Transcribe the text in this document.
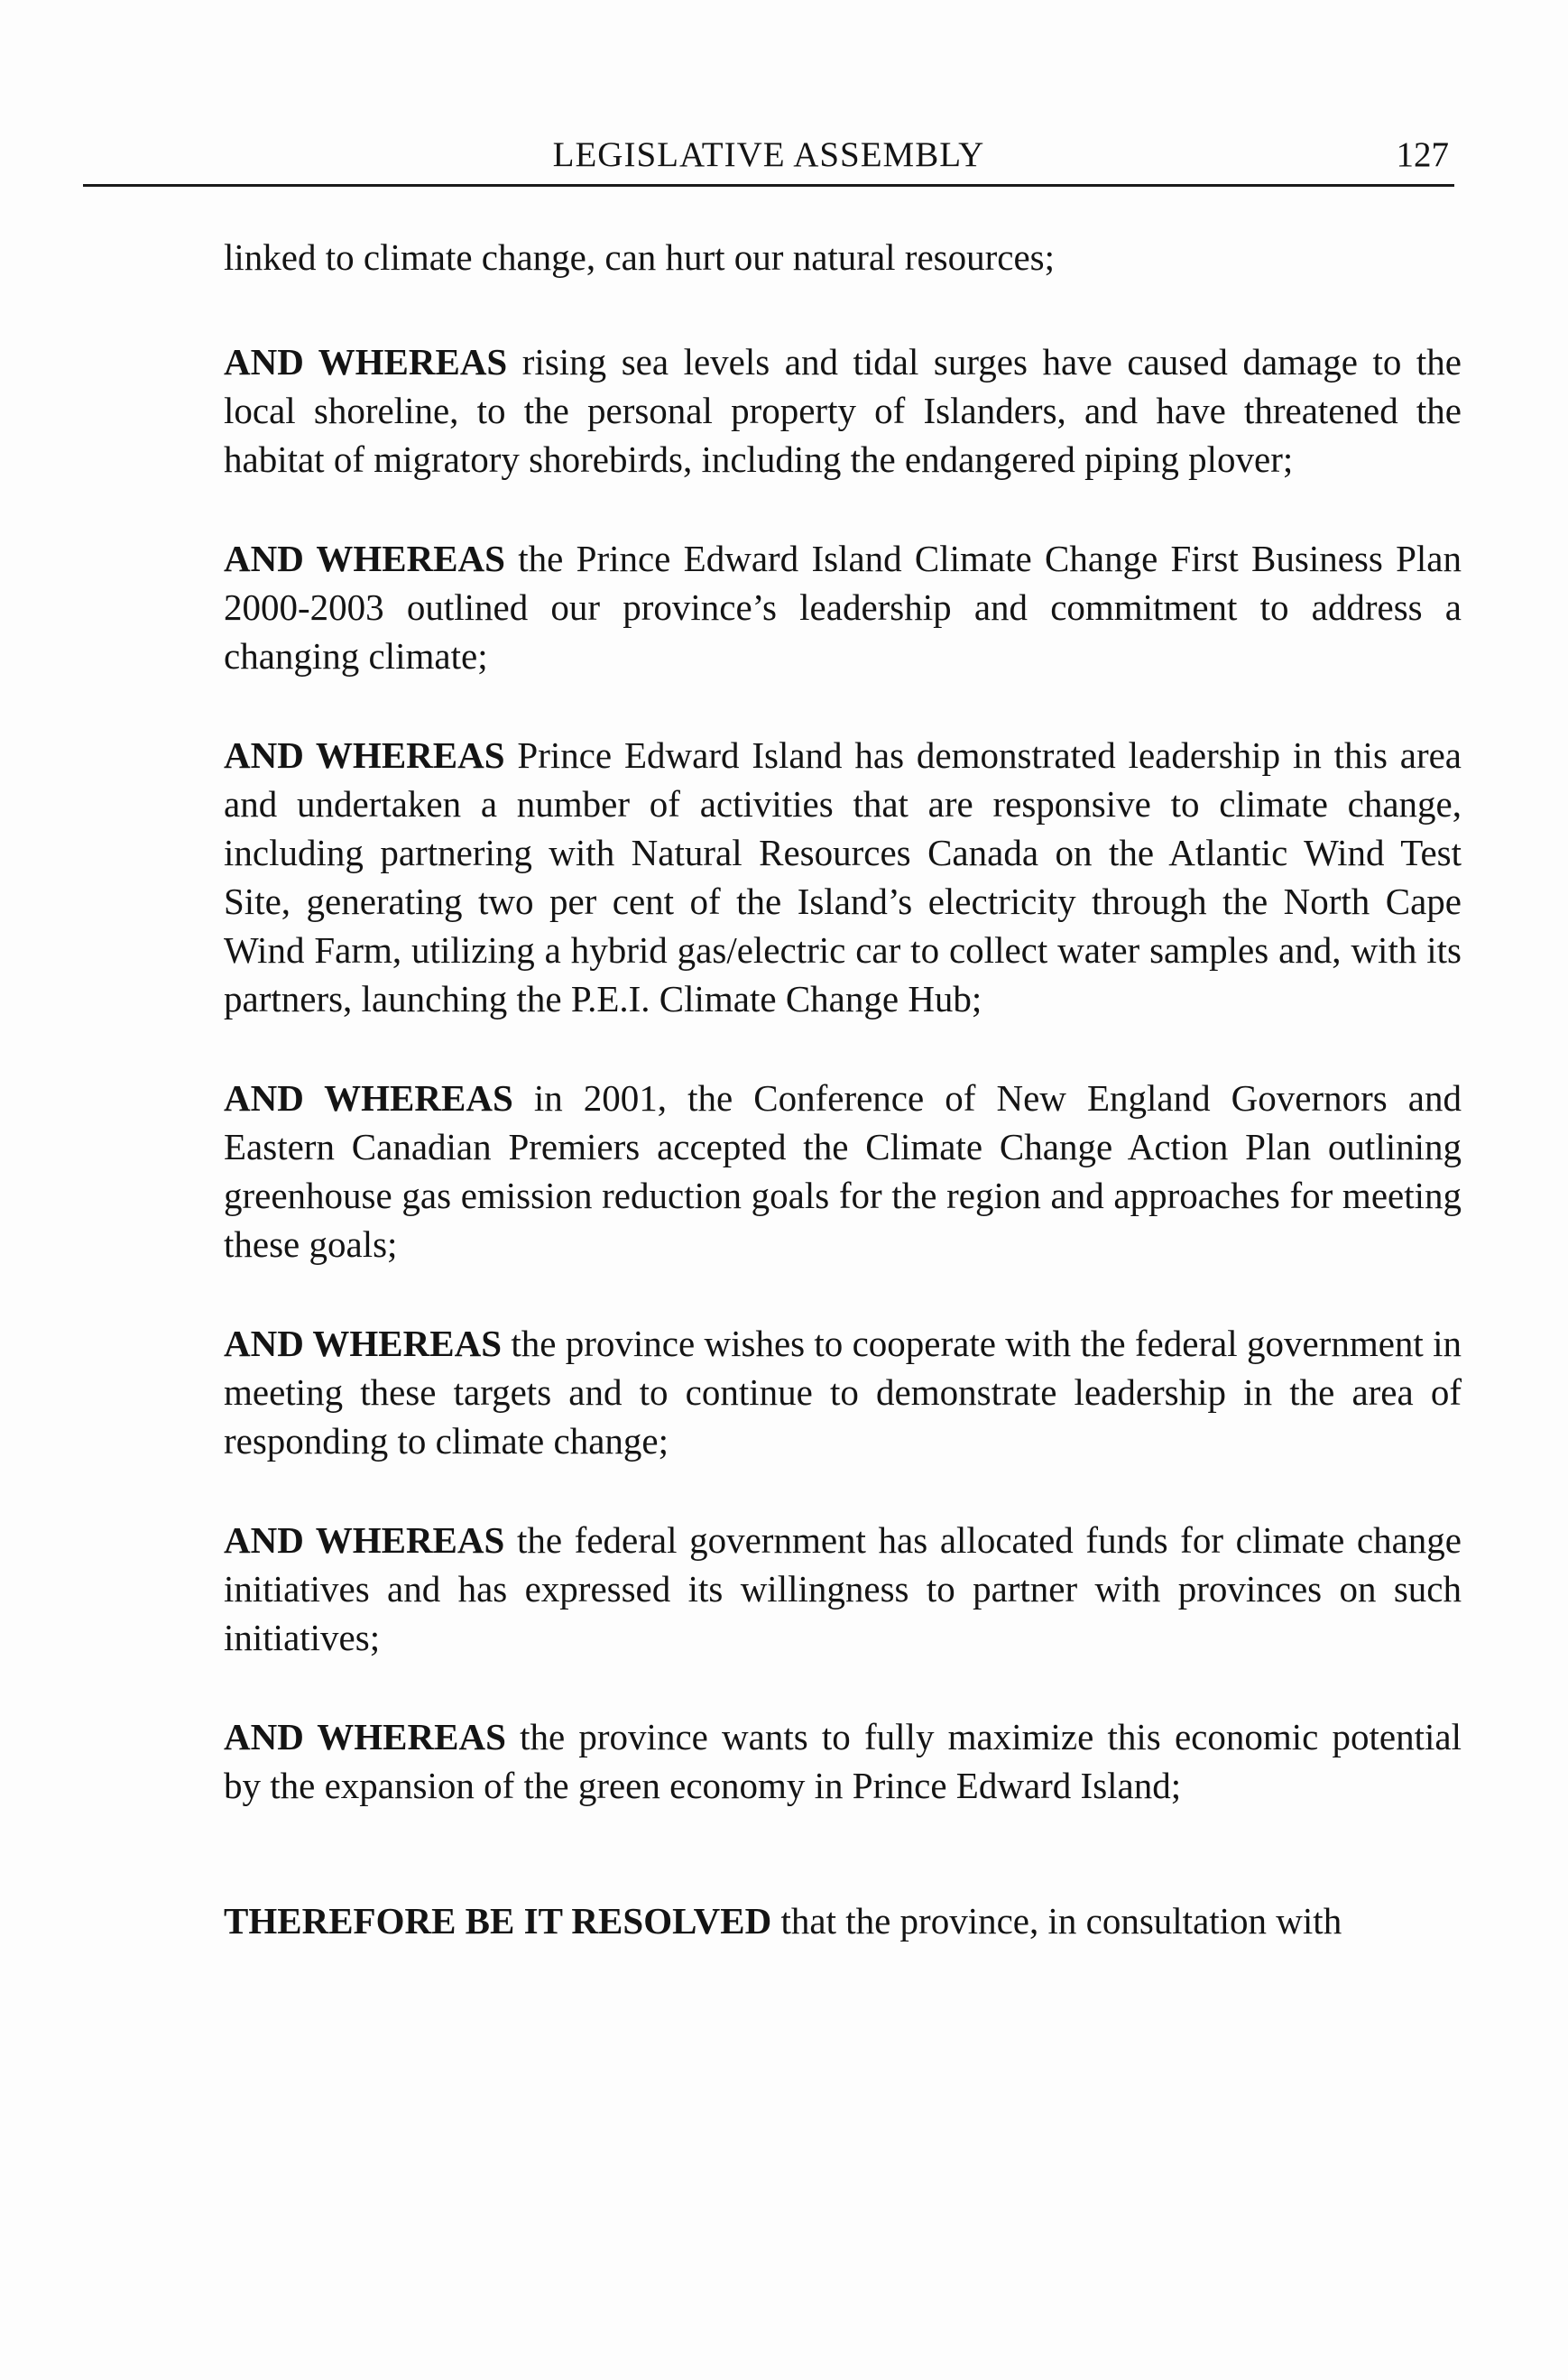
LEGISLATIVE ASSEMBLY	127

linked to climate change, can hurt our natural resources;

AND WHEREAS rising sea levels and tidal surges have caused damage to the local shoreline, to the personal property of Islanders, and have threatened the habitat of migratory shorebirds, including the endangered piping plover;

AND WHEREAS the Prince Edward Island Climate Change First Business Plan 2000-2003 outlined our province’s leadership and commitment to address a changing climate;

AND WHEREAS Prince Edward Island has demonstrated leadership in this area and undertaken a number of activities that are responsive to climate change, including partnering with Natural Resources Canada on the Atlantic Wind Test Site, generating two per cent of the Island’s electricity through the North Cape Wind Farm, utilizing a hybrid gas/electric car to collect water samples and, with its partners, launching the P.E.I. Climate Change Hub;

AND WHEREAS in 2001, the Conference of New England Governors and Eastern Canadian Premiers accepted the Climate Change Action Plan outlining greenhouse gas emission reduction goals for the region and approaches for meeting these goals;

AND WHEREAS the province wishes to cooperate with the federal government in meeting these targets and to continue to demonstrate leadership in the area of responding to climate change;

AND WHEREAS the federal government has allocated funds for climate change initiatives and has expressed its willingness to partner with provinces on such initiatives;

AND WHEREAS the province wants to fully maximize this economic potential by the expansion of the green economy in Prince Edward Island;

THEREFORE BE IT RESOLVED that the province, in consultation with
